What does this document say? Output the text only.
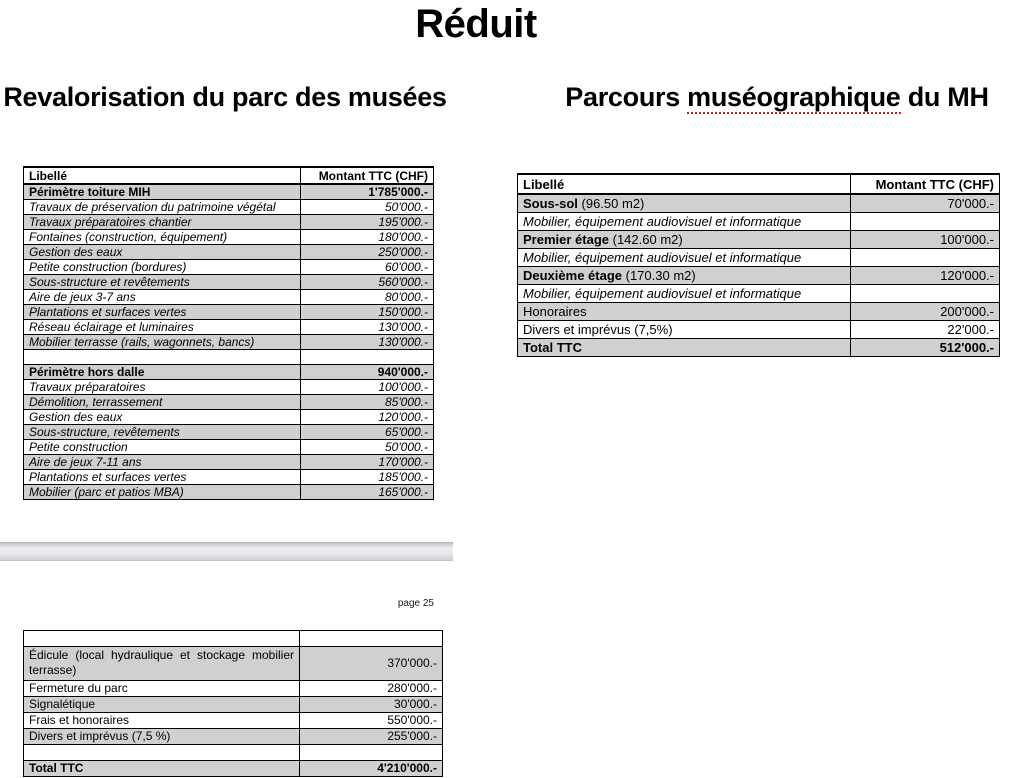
Réduit
Revalorisation du parc des musées	Parcours muséographique du MH
Libellé	Montant TTC (CHF)
Périmètre toiture MIH	1'785'000.-
Travaux de préservation du patrimoine végétal	50'000.-
Travaux préparatoires chantier	195'000.-
Fontaines (construction, équipement)	180'000.-
Gestion des eaux	250'000.-
Petite construction (bordures)	60'000.-
Sous-structure et revêtements	560'000.-
Aire de jeux 3-7 ans	80'000.-
Plantations et surfaces vertes	150'000.-
Réseau éclairage et luminaires	130'000.-
Mobilier terrasse (rails, wagonnets, bancs)	130'000.-

Périmètre hors dalle	940'000.-
Travaux préparatoires	100'000.-
Démolition, terrassement	85'000.-
Gestion des eaux	120'000.-
Sous-structure, revêtements	65'000.-
Petite construction	50'000.-
Aire de jeux 7-11 ans	170'000.-
Plantations et surfaces vertes	185'000.-
Mobilier (parc et patios MBA)	165'000.-
Libellé	Montant TTC (CHF)
Sous-sol (96.50 m2)	70'000.-
Mobilier, équipement audiovisuel et informatique	
Premier étage (142.60 m2)	100'000.-
Mobilier, équipement audiovisuel et informatique	
Deuxième étage (170.30 m2)	120'000.-
Mobilier, équipement audiovisuel et informatique	
Honoraires	200'000.-
Divers et imprévus (7,5%)	22'000.-
Total TTC	512'000.-
page 25

Édicule (local hydraulique et stockage mobilier terrasse)	370'000.-
Fermeture du parc	280'000.-
Signalétique	30'000.-
Frais et honoraires	550'000.-
Divers et imprévus (7,5 %)	255'000.-

Total TTC	4'210'000.-
